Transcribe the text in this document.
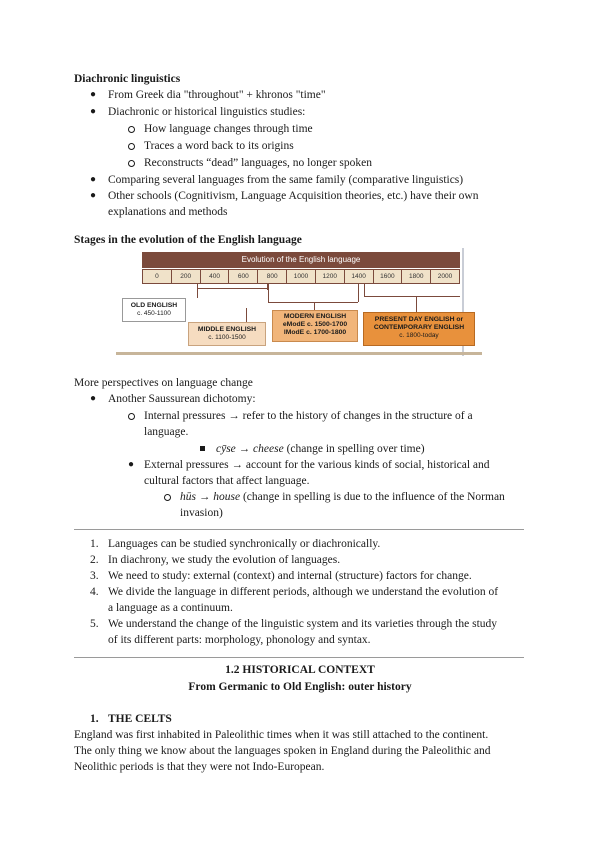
Diachronic linguistics
● From Greek dia "throughout" + khronos "time"
● Diachronic or historical linguistics studies:
How language changes through time
Traces a word back to its origins
Reconstructs “dead” languages, no longer spoken
● Comparing several languages from the same family (comparative linguistics)
● Other schools (Cognitivism, Language Acquisition theories, etc.) have their own
explanations and methods
Stages in the evolution of the English language
Evolution of the English language
0	200	400	600	800	1000	1200	1400	1600	1800	2000
OLD ENGLISH
c. 450-1100
MIDDLE ENGLISH
c. 1100-1500
MODERN ENGLISH
eModE c. 1500-1700
lModE c. 1700-1800
PRESENT DAY ENGLISH or
CONTEMPORARY ENGLISH
c. 1800-today
More perspectives on language change
● Another Saussurean dichotomy:
Internal pressures → refer to the history of changes in the structure of a
language.
cȳse → cheese (change in spelling over time)
● External pressures → account for the various kinds of social, historical and
cultural factors that affect language.
hūs → house (change in spelling is due to the influence of the Norman
invasion)
1. Languages can be studied synchronically or diachronically.
2. In diachrony, we study the evolution of languages.
3. We need to study: external (context) and internal (structure) factors for change.
4. We divide the language in different periods, although we understand the evolution of
a language as a continuum.
5. We understand the change of the linguistic system and its varieties through the study
of its different parts: morphology, phonology and syntax.
1.2 HISTORICAL CONTEXT
From Germanic to Old English: outer history
1. THE CELTS
England was first inhabited in Paleolithic times when it was still attached to the continent.
The only thing we know about the languages spoken in England during the Paleolithic and
Neolithic periods is that they were not Indo-European.
